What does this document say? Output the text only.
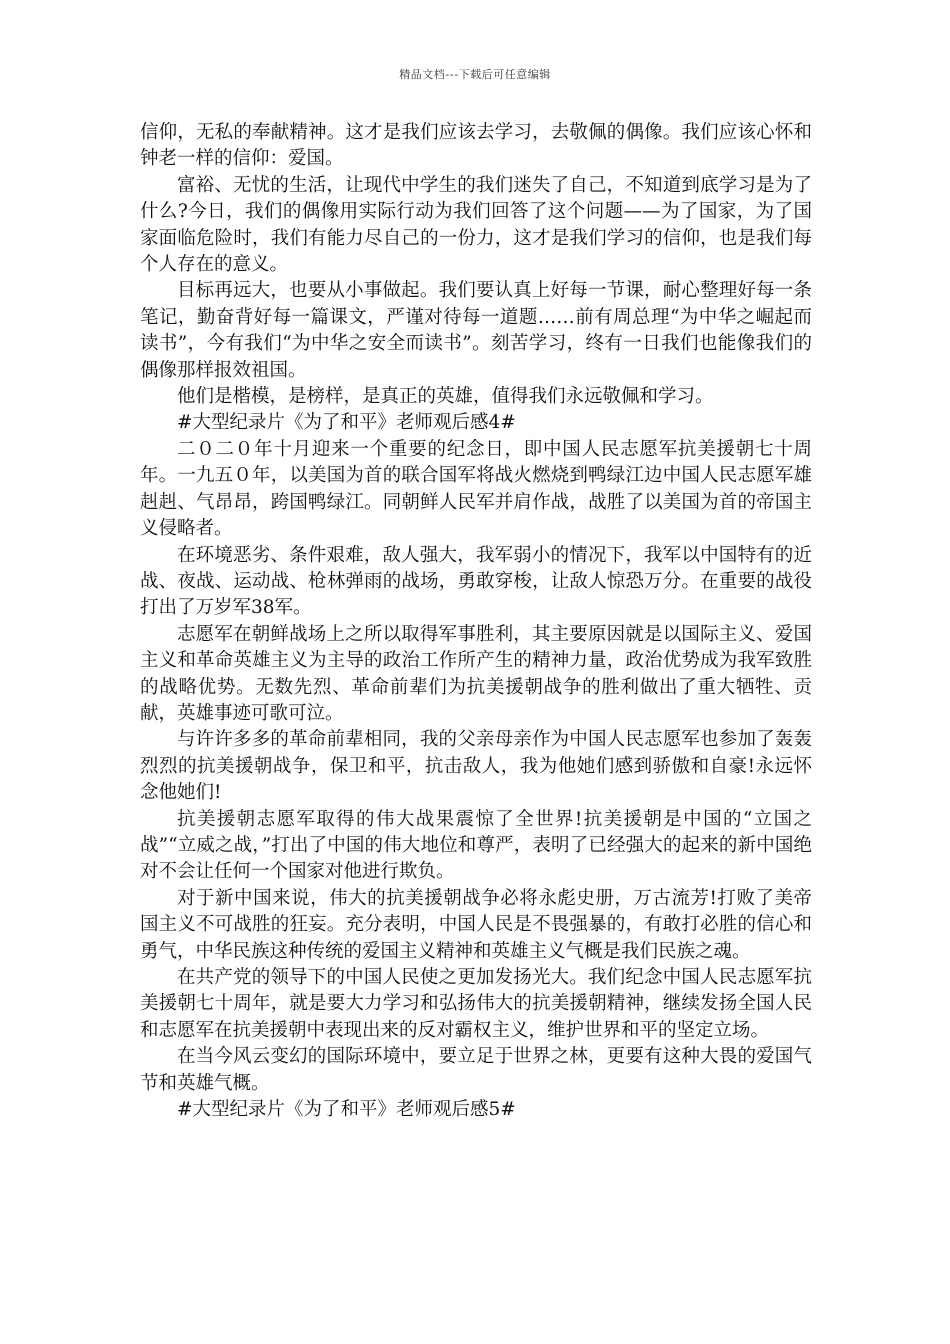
精品文档---下载后可任意编辑

信仰，无私的奉献精神。这才是我们应该去学习，去敬佩的偶像。我们应该心怀和钟老一样的信仰：爱国。

富裕、无忧的生活，让现代中学生的我们迷失了自己，不知道到底学习是为了什么?今日，我们的偶像用实际行动为我们回答了这个问题——为了国家，为了国家面临危险时，我们有能力尽自己的一份力，这才是我们学习的信仰，也是我们每个人存在的意义。

目标再远大，也要从小事做起。我们要认真上好每一节课，耐心整理好每一条笔记，勤奋背好每一篇课文，严谨对待每一道题……前有周总理“为中华之崛起而读书”，今有我们“为中华之安全而读书”。刻苦学习，终有一日我们也能像我们的偶像那样报效祖国。

他们是楷模，是榜样，是真正的英雄，值得我们永远敬佩和学习。

#大型纪录片《为了和平》老师观后感4#

二０二０年十月迎来一个重要的纪念日，即中国人民志愿军抗美援朝七十周年。一九五０年，以美国为首的联合国军将战火燃烧到鸭绿江边中国人民志愿军雄赳赳、气昂昂，跨国鸭绿江。同朝鲜人民军并肩作战，战胜了以美国为首的帝国主义侵略者。

在环境恶劣、条件艰难，敌人强大，我军弱小的情况下，我军以中国特有的近战、夜战、运动战、枪林弹雨的战场，勇敢穿梭，让敌人惊恐万分。在重要的战役打出了万岁军38军。

志愿军在朝鲜战场上之所以取得军事胜利，其主要原因就是以国际主义、爱国主义和革命英雄主义为主导的政治工作所产生的精神力量，政治优势成为我军致胜的战略优势。无数先烈、革命前辈们为抗美援朝战争的胜利做出了重大牺牲、贡献，英雄事迹可歌可泣。

与许许多多的革命前辈相同，我的父亲母亲作为中国人民志愿军也参加了轰轰烈烈的抗美援朝战争，保卫和平，抗击敌人，我为他她们感到骄傲和自豪!永远怀念他她们!

抗美援朝志愿军取得的伟大战果震惊了全世界!抗美援朝是中国的“立国之战”“立威之战，”打出了中国的伟大地位和尊严，表明了已经强大的起来的新中国绝对不会让任何一个国家对他进行欺负。

对于新中国来说，伟大的抗美援朝战争必将永彪史册，万古流芳!打败了美帝国主义不可战胜的狂妄。充分表明，中国人民是不畏强暴的，有敢打必胜的信心和勇气，中华民族这种传统的爱国主义精神和英雄主义气概是我们民族之魂。

在共产党的领导下的中国人民使之更加发扬光大。我们纪念中国人民志愿军抗美援朝七十周年，就是要大力学习和弘扬伟大的抗美援朝精神，继续发扬全国人民和志愿军在抗美援朝中表现出来的反对霸权主义，维护世界和平的坚定立场。

在当今风云变幻的国际环境中，要立足于世界之林，更要有这种大畏的爱国气节和英雄气概。

#大型纪录片《为了和平》老师观后感5#
